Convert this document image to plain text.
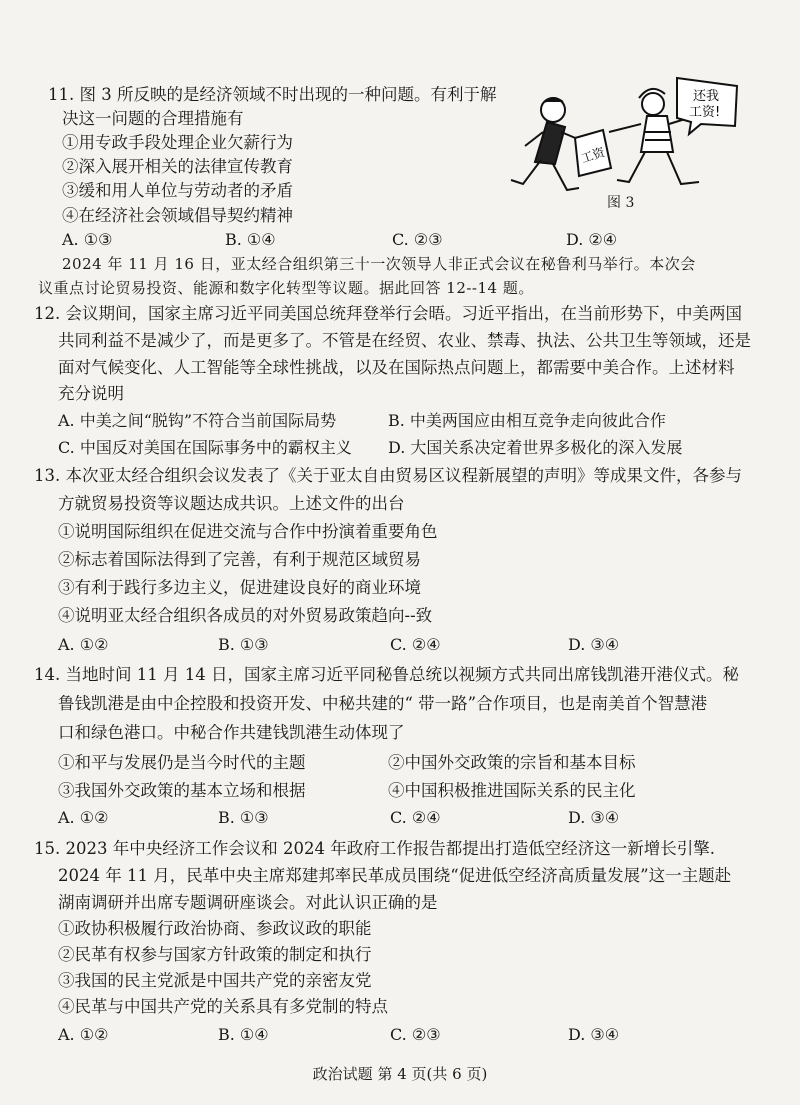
11. 图 3 所反映的是经济领域不时出现的一种问题。有利于解
决这一问题的合理措施有
①用专政手段处理企业欠薪行为
②深入展开相关的法律宣传教育
③缓和用人单位与劳动者的矛盾
④在经济社会领域倡导契约精神
A. ①③	B. ①④	C. ②③	D. ②④
工资
还我
工资!
图 3
2024 年 11 月 16 日，亚太经合组织第三十一次领导人非正式会议在秘鲁利马举行。本次会
议重点讨论贸易投资、能源和数字化转型等议题。据此回答 12--14 题。
12. 会议期间，国家主席习近平同美国总统拜登举行会晤。习近平指出，在当前形势下，中美两国
共同利益不是减少了，而是更多了。不管是在经贸、农业、禁毒、执法、公共卫生等领域，还是
面对气候变化、人工智能等全球性挑战，以及在国际热点问题上，都需要中美合作。上述材料
充分说明
A. 中美之间“脱钩”不符合当前国际局势	B. 中美两国应由相互竞争走向彼此合作
C. 中国反对美国在国际事务中的霸权主义 D. 大国关系决定着世界多极化的深入发展
13. 本次亚太经合组织会议发表了《关于亚太自由贸易区议程新展望的声明》等成果文件，各参与
方就贸易投资等议题达成共识。上述文件的出台
①说明国际组织在促进交流与合作中扮演着重要角色
②标志着国际法得到了完善，有利于规范区域贸易
③有利于践行多边主义，促进建设良好的商业环境
④说明亚太经合组织各成员的对外贸易政策趋向--致
A. ①②	B. ①③	C. ②④	D. ③④
14. 当地时间 11 月 14 日，国家主席习近平同秘鲁总统以视频方式共同出席钱凯港开港仪式。秘
鲁钱凯港是由中企控股和投资开发、中秘共建的“ 带一路”合作项目，也是南美首个智慧港
口和绿色港口。中秘合作共建钱凯港生动体现了
①和平与发展仍是当今时代的主题	②中国外交政策的宗旨和基本目标
③我国外交政策的基本立场和根据	④中国积极推进国际关系的民主化
A. ①②	B. ①③	C. ②④	D. ③④
15. 2023 年中央经济工作会议和 2024 年政府工作报告都提出打造低空经济这一新增长引擎.
2024 年 11 月，民革中央主席郑建邦率民革成员围绕“促进低空经济高质量发展”这一主题赴
湖南调研并出席专题调研座谈会。对此认识正确的是
①政协积极履行政治协商、参政议政的职能
②民革有权参与国家方针政策的制定和执行
③我国的民主党派是中国共产党的亲密友党
④民革与中国共产党的关系具有多党制的特点
A. ①②	B. ①④	C. ②③	D. ③④
政治试题 第 4 页(共 6 页)
